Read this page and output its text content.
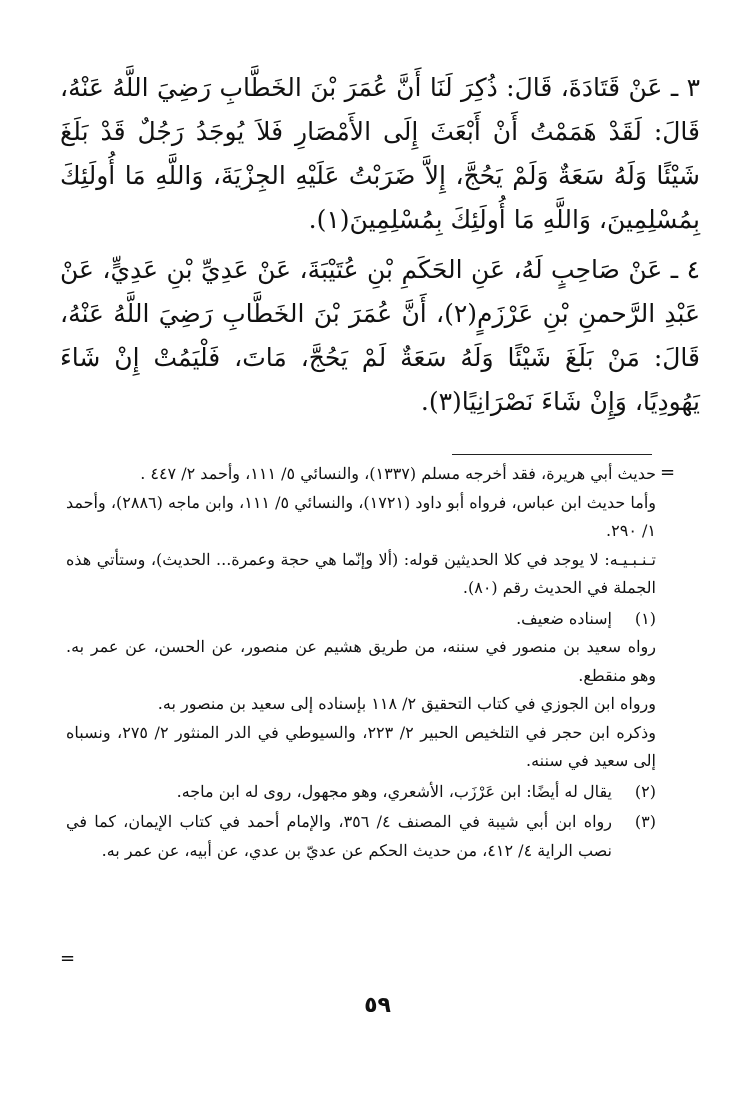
٣ ـ عَنْ قَتَادَةَ، قَالَ: ذُكِرَ لَنَا أَنَّ عُمَرَ بْنَ الخَطَّابِ رَضِيَ اللَّهُ عَنْهُ، قَالَ: لَقَدْ هَمَمْتُ أَنْ أَبْعَثَ إِلَى الأَمْصَارِ فَلاَ يُوجَدُ رَجُلٌ قَدْ بَلَغَ شَيْئًا وَلَهُ سَعَةٌ وَلَمْ يَحُجَّ، إِلاَّ ضَرَبْتُ عَلَيْهِ الجِزْيَةَ، وَاللَّهِ مَا أُولَئِكَ بِمُسْلِمِينَ، وَاللَّهِ مَا أُولَئِكَ بِمُسْلِمِينَ(١).

٤ ـ عَنْ صَاحِبٍ لَهُ، عَنِ الحَكَمِ بْنِ عُتَيْبَةَ، عَنْ عَدِيِّ بْنِ عَدِيٍّ، عَنْ عَبْدِ الرَّحمنِ بْنِ عَرْزَمٍ(٢)، أَنَّ عُمَرَ بْنَ الخَطَّابِ رَضِيَ اللَّهُ عَنْهُ، قَالَ: مَنْ بَلَغَ شَيْئًا وَلَهُ سَعَةٌ لَمْ يَحُجَّ، مَاتَ، فَلْيَمُتْ إِنْ شَاءَ يَهُودِيًا، وَإِنْ شَاءَ نَصْرَانِيًا(٣).

=
=

حديث أبي هريرة، فقد أخرجه مسلم (١٣٣٧)، والنسائي ٥/ ١١١، وأحمد ٢/ ٤٤٧ .

وأما حديث ابن عباس، فرواه أبو داود (١٧٢١)، والنسائي ٥/ ١١١، وابن ماجه (٢٨٨٦)، وأحمد ١/ ٢٩٠.

تـنـبـيـه: لا يوجد في كلا الحديثين قوله: (ألا وإنّما هي حجة وعمرة... الحديث)، وستأتي هذه الجملة في الحديث رقم (٨٠).

(١)

إسناده ضعيف.

رواه سعيد بن منصور في سننه، من طريق هشيم عن منصور، عن الحسن، عن عمر به. وهو منقطع.

ورواه ابن الجوزي في كتاب التحقيق ٢/ ١١٨ بإسناده إلى سعيد بن منصور به.

وذكره ابن حجر في التلخيص الحبير ٢/ ٢٢٣، والسيوطي في الدر المنثور ٢/ ٢٧٥، ونسباه إلى سعيد في سننه.

(٢)

يقال له أيضًا: ابن عَرْزَب، الأشعري، وهو مجهول، روى له ابن ماجه.

(٣)

رواه ابن أبي شيبة في المصنف ٤/ ٣٥٦، والإمام أحمد في كتاب الإيمان، كما في نصب الراية ٤/ ٤١٢، من حديث الحكم عن عديّ بن عدي، عن أبيه، عن عمر به.

٥٩
